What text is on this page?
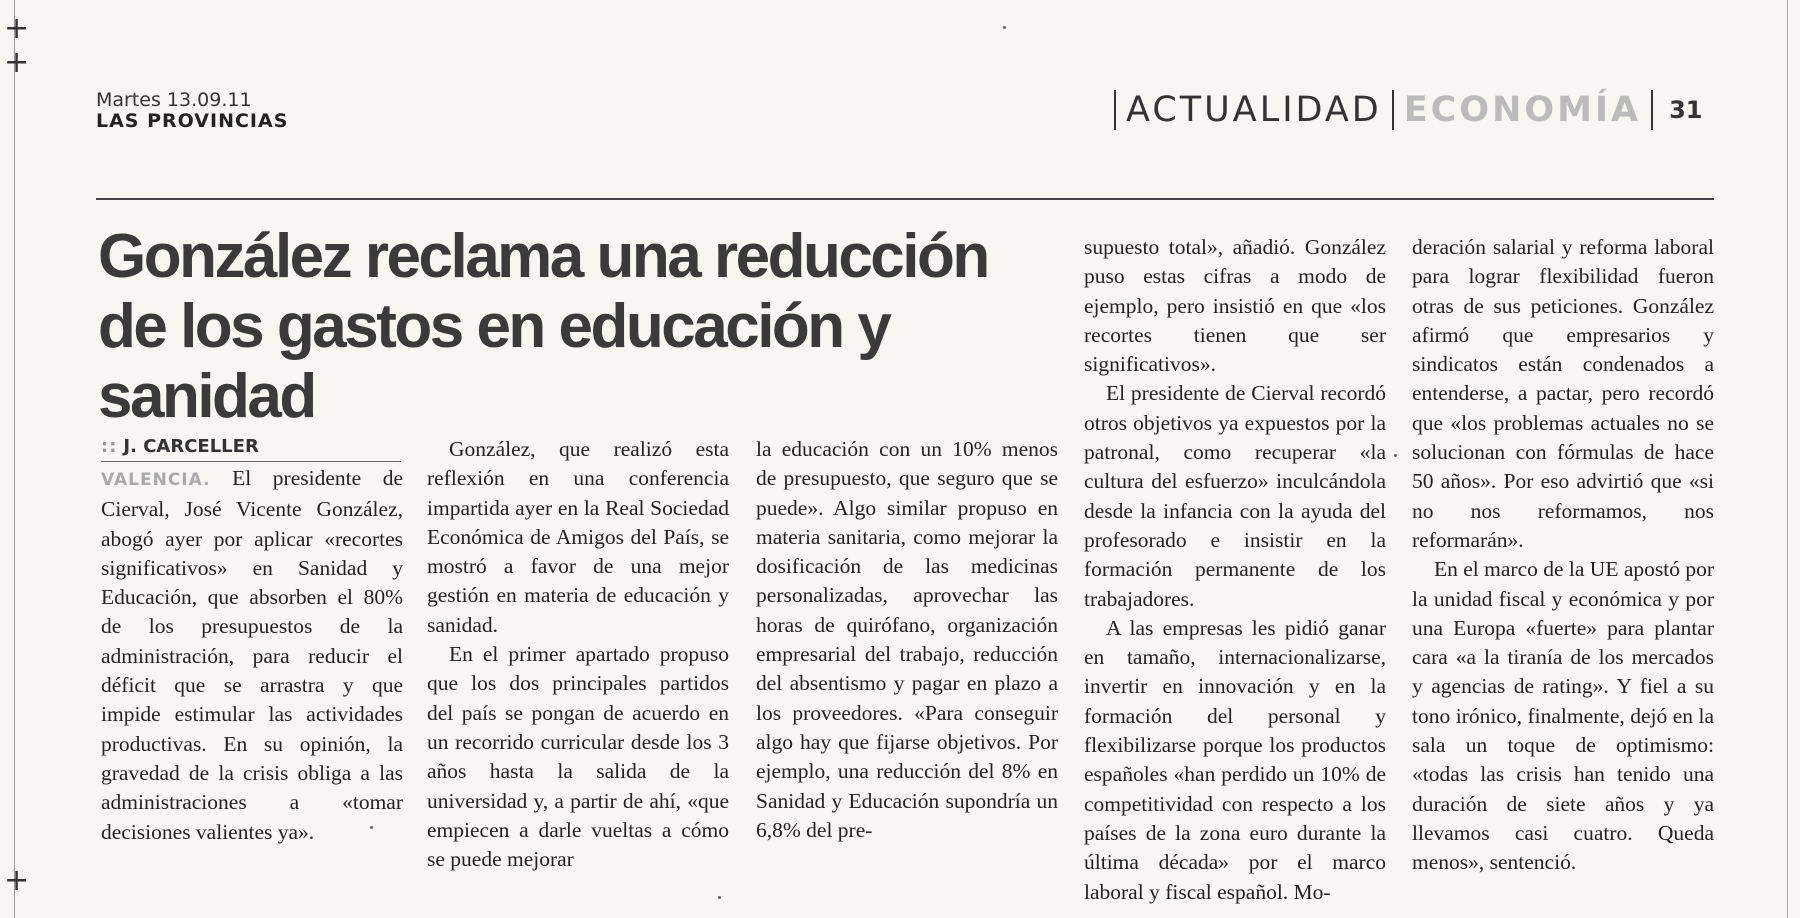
+
+
+
Martes 13.09.11
LAS PROVINCIAS	ACTUALIDAD ECONOMÍA 31
González reclama una reducción de los gastos en educación y sanidad
:: J. CARCELLER

VALENCIA. El presidente de Cierval, José Vicente González, abogó ayer por aplicar «recortes significativos» en Sanidad y Educación, que absorben el 80% de los presupuestos de la administración, para reducir el déficit que se arrastra y que impide estimular las actividades productivas. En su opinión, la gravedad de la crisis obliga a las administraciones a «tomar decisiones valientes ya».

González, que realizó esta reflexión en una conferencia impartida ayer en la Real Sociedad Económica de Amigos del País, se mostró a favor de una mejor gestión en materia de educación y sanidad.

En el primer apartado propuso que los dos principales partidos del país se pongan de acuerdo en un recorrido curricular desde los 3 años hasta la salida de la universidad y, a partir de ahí, «que empiecen a darle vueltas a cómo se puede mejorar

la educación con un 10% menos de presupuesto, que seguro que se puede». Algo similar propuso en materia sanitaria, como mejorar la dosificación de las medicinas personalizadas, aprovechar las horas de quirófano, organización empresarial del trabajo, reducción del absentismo y pagar en plazo a los proveedores. «Para conseguir algo hay que fijarse objetivos. Por ejemplo, una reducción del 8% en Sanidad y Educación supondría un 6,8% del pre-

supuesto total», añadió. González puso estas cifras a modo de ejemplo, pero insistió en que «los recortes tienen que ser significativos».

El presidente de Cierval recordó otros objetivos ya expuestos por la patronal, como recuperar «la cultura del esfuerzo» inculcándola desde la infancia con la ayuda del profesorado e insistir en la formación permanente de los trabajadores.

A las empresas les pidió ganar en tamaño, internacionalizarse, invertir en innovación y en la formación del personal y flexibilizarse porque los productos españoles «han perdido un 10% de competitividad con respecto a los países de la zona euro durante la última década» por el marco laboral y fiscal español. Mo-

deración salarial y reforma laboral para lograr flexibilidad fueron otras de sus peticiones. González afirmó que empresarios y sindicatos están condenados a entenderse, a pactar, pero recordó que «los problemas actuales no se solucionan con fórmulas de hace 50 años». Por eso advirtió que «si no nos reformamos, nos reformarán».

En el marco de la UE apostó por la unidad fiscal y económica y por una Europa «fuerte» para plantar cara «a la tiranía de los mercados y agencias de rating». Y fiel a su tono irónico, finalmente, dejó en la sala un toque de optimismo: «todas las crisis han tenido una duración de siete años y ya llevamos casi cuatro. Queda menos», sentenció.
